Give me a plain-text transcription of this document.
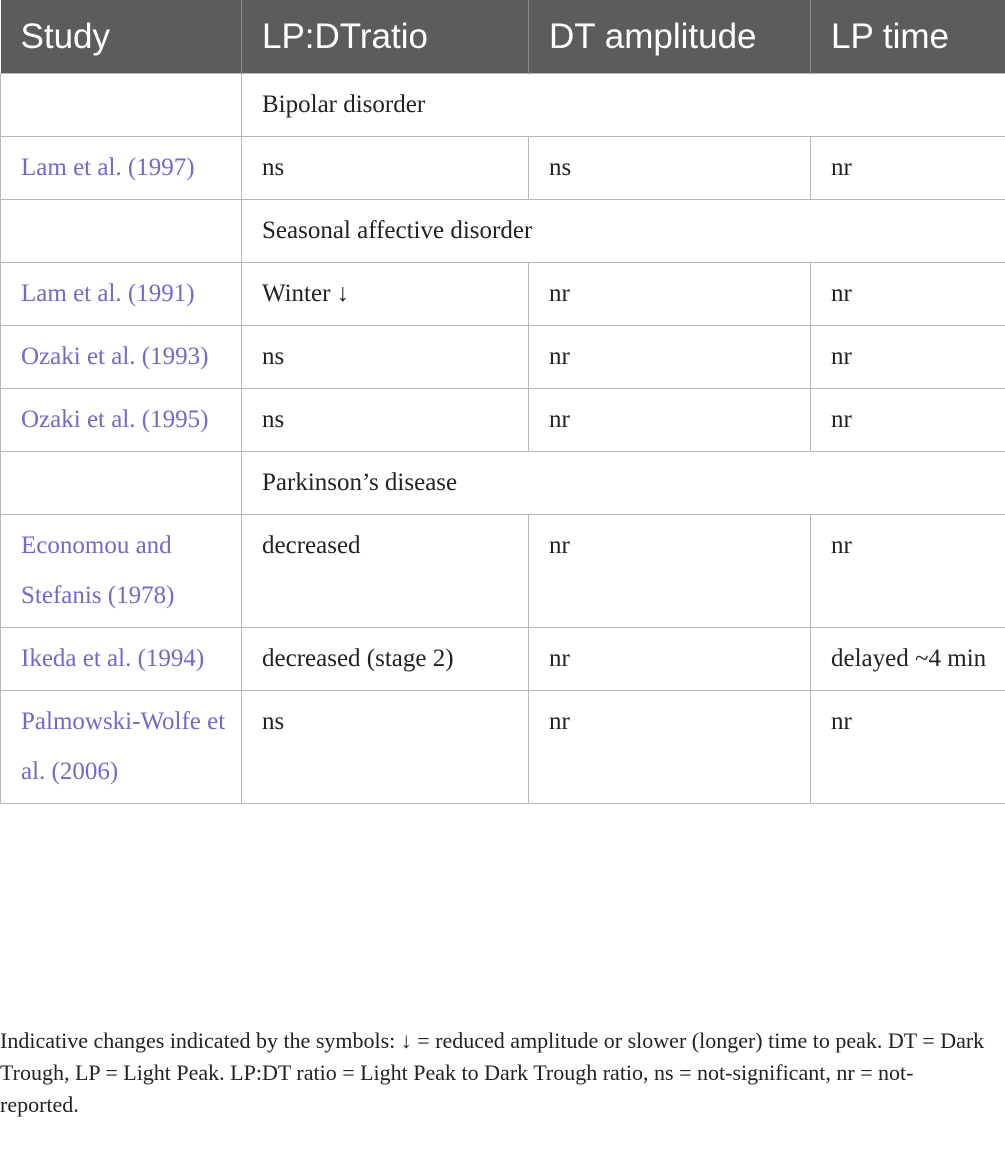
Study	LP:DTratio	DT amplitude	LP time
	Bipolar disorder		
Lam et al. (1997)	ns	ns	nr
	Seasonal affective disorder		
Lam et al. (1991)	Winter ↓	nr	nr
Ozaki et al. (1993)	ns	nr	nr
Ozaki et al. (1995)	ns	nr	nr
	Parkinson’s disease		
Economou and Stefanis (1978)	decreased	nr	nr
Ikeda et al. (1994)	decreased (stage 2)	nr	delayed ~4 min
Palmowski-Wolfe et al. (2006)	ns	nr	nr

Indicative changes indicated by the symbols: ↓ = reduced amplitude or slower (longer) time to peak. DT = Dark Trough, LP = Light Peak. LP:DT ratio = Light Peak to Dark Trough ratio, ns = not-significant, nr = not-reported.
